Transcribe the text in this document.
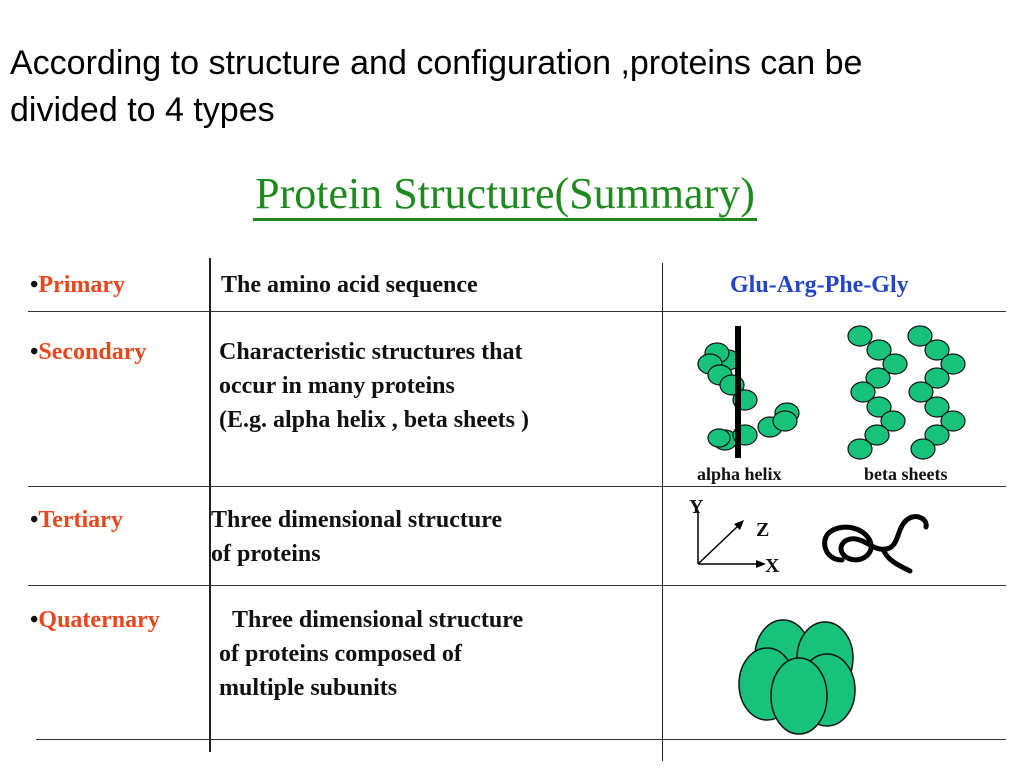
According to structure and configuration ,proteins can be
divided to 4 types
Protein Structure(Summary)
•Primary	The amino acid sequence	Glu-Arg-Phe-Gly
•Secondary	Characteristic structures that
occur in many proteins
(E.g. alpha helix , beta sheets )
alpha helix	beta sheets
•Tertiary	Three dimensional structure
of proteins
Y
Z
X
•Quaternary	Three dimensional structure
of proteins composed of
multiple subunits
